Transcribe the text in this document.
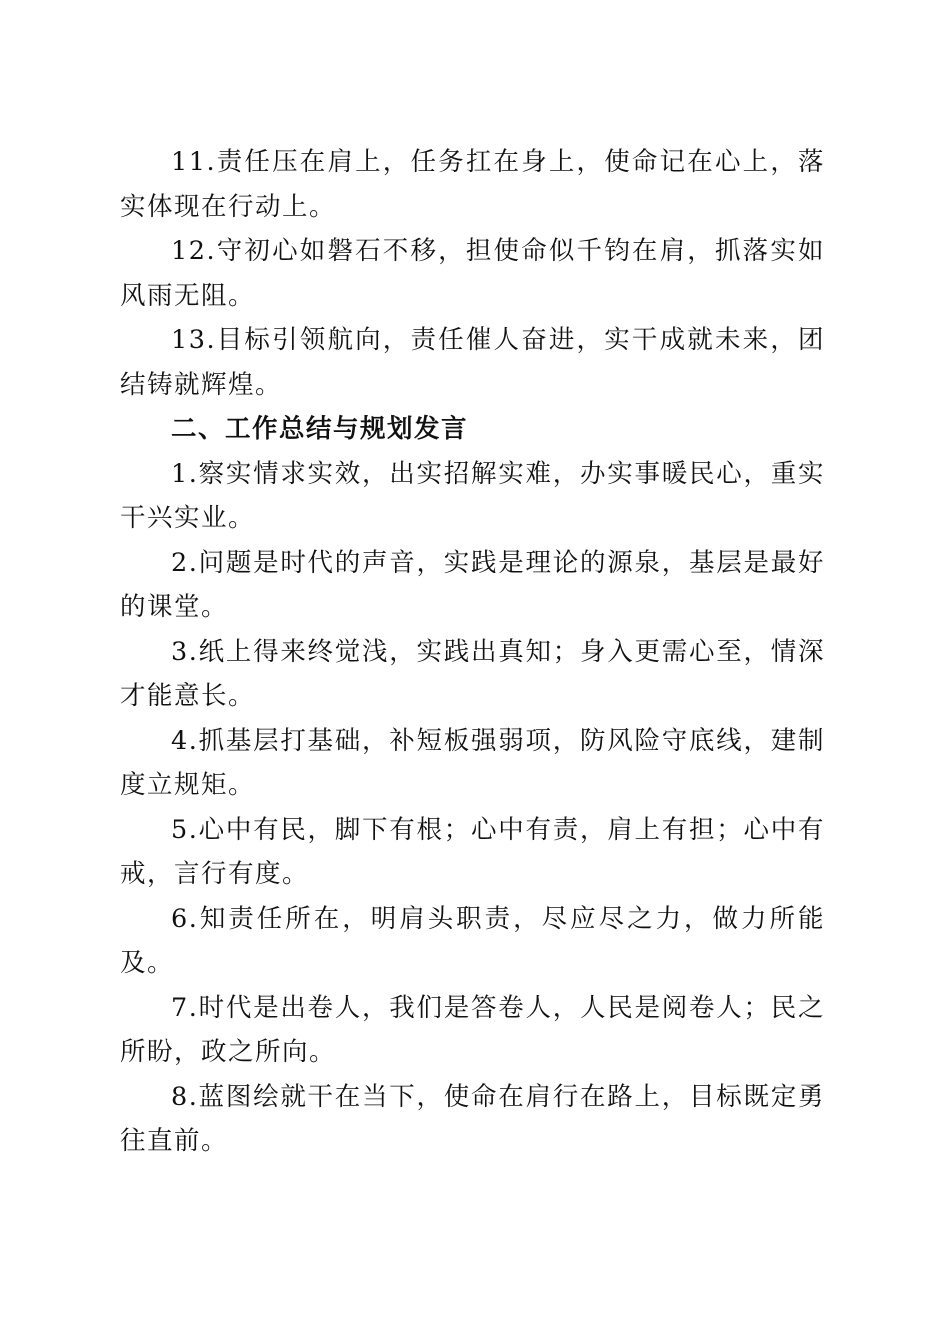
11.责任压在肩上，任务扛在身上，使命记在心上，落实体现在行动上。

12.守初心如磐石不移，担使命似千钧在肩，抓落实如风雨无阻。

13.目标引领航向，责任催人奋进，实干成就未来，团结铸就辉煌。

二、工作总结与规划发言

1.察实情求实效，出实招解实难，办实事暖民心，重实干兴实业。

2.问题是时代的声音，实践是理论的源泉，基层是最好的课堂。

3.纸上得来终觉浅，实践出真知；身入更需心至，情深才能意长。

4.抓基层打基础，补短板强弱项，防风险守底线，建制度立规矩。

5.心中有民，脚下有根；心中有责，肩上有担；心中有戒，言行有度。

6.知责任所在，明肩头职责，尽应尽之力，做力所能及。

7.时代是出卷人，我们是答卷人，人民是阅卷人；民之所盼，政之所向。

8.蓝图绘就干在当下，使命在肩行在路上，目标既定勇往直前。
